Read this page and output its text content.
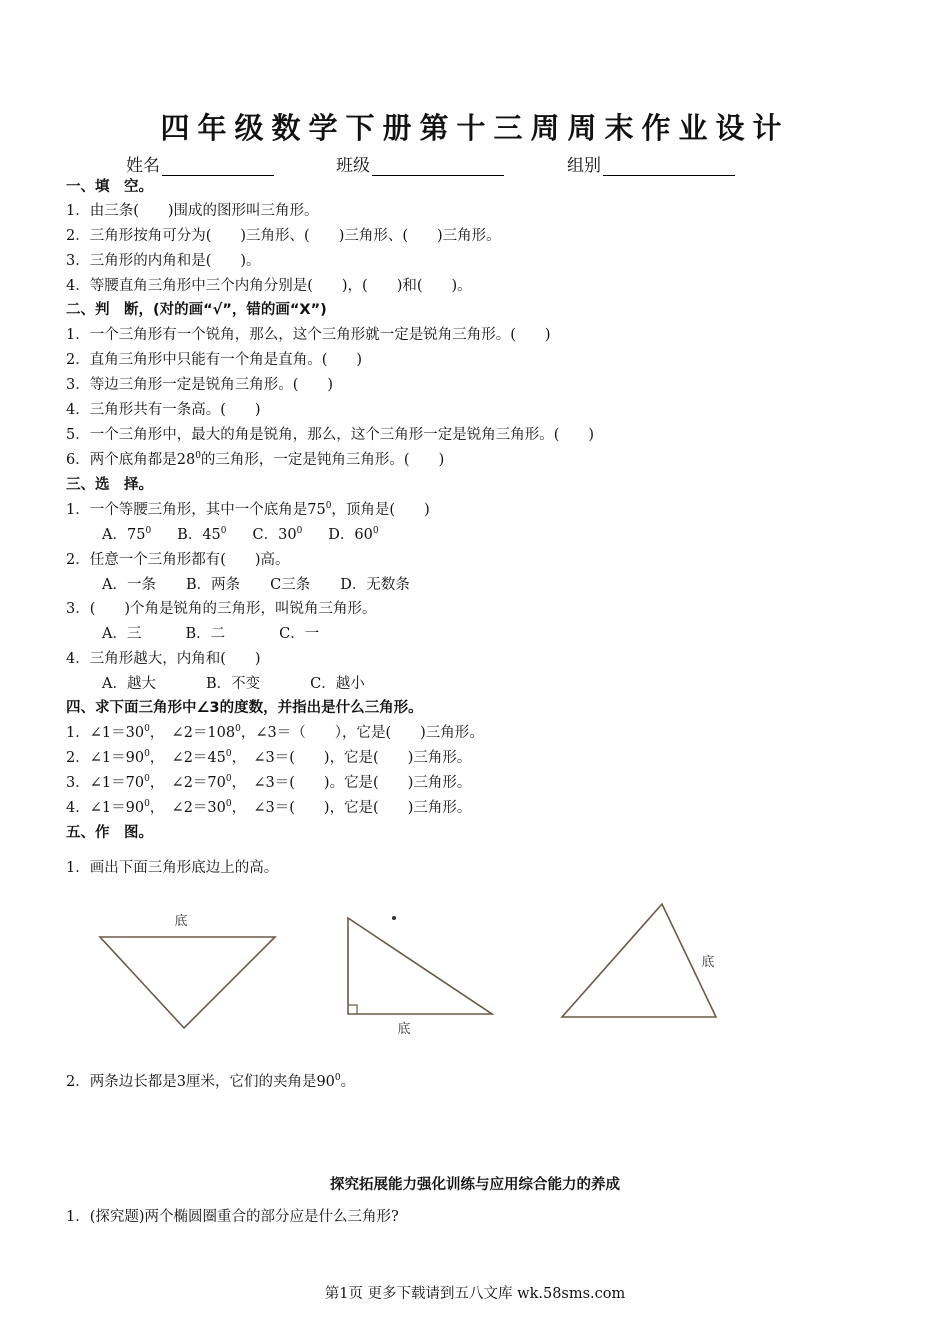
四年级数学下册第十三周周末作业设计
姓名	班级	组别
一、填　空。
1．由三条(　　)围成的图形叫三角形。
2．三角形按角可分为(　　)三角形、(　　)三角形、(　　)三角形。
3．三角形的内角和是(　　)。
4．等腰直角三角形中三个内角分别是(　　)，(　　)和(　　)。
二、判　断，(对的画“√”，错的画“X”)
1．一个三角形有一个锐角，那么，这个三角形就一定是锐角三角形。(　　)
2．直角三角形中只能有一个角是直角。(　　)
3．等边三角形一定是锐角三角形。(　　)
4．三角形共有一条高。(　　)
5．一个三角形中，最大的角是锐角，那么，这个三角形一定是锐角三角形。(　　)
6．两个底角都是$28^0$的三角形，一定是钝角三角形。(　　)
三、选　择。
1．一个等腰三角形，其中一个底角是$75^0$，顶角是(　　)
A．$75^0$ B．$45^0$ C．$30^0$ D．$60^0$
2．任意一个三角形都有(　　)高。
A．一条 B．两条 C三条 D．无数条
3．(　　)个角是锐角的三角形，叫锐角三角形。
A．三	B．二	C．一
4．三角形越大，内角和(　　)
A．越大	B．不变	C．越小
四、求下面三角形中∠3的度数，并指出是什么三角形。
1．$\angle 1=30^0$，　 $\angle 2=108^0$，∠3＝（　　），它是(　　)三角形。
2．$\angle 1=90^0$，　 $\angle 2=45^0$，　 ∠3＝(　　)，它是(　　)三角形。
3．$\angle 1=70^0$，　 $\angle 2=70^0$，　 ∠3＝(　　)。它是(　　)三角形。
4．$\angle 1=90^0$，　 $\angle 2=30^0$，　 ∠3＝(　　)，它是(　　)三角形。
五、作　图。
1．画出下面三角形底边上的高。
底
底
底
2．两条边长都是3厘米，它们的夹角是$90^0$。
探究拓展能力强化训练与应用综合能力的养成
1．(探究题)两个椭圆圈重合的部分应是什么三角形?
第1页 更多下载请到五八文库 wk.58sms.com
